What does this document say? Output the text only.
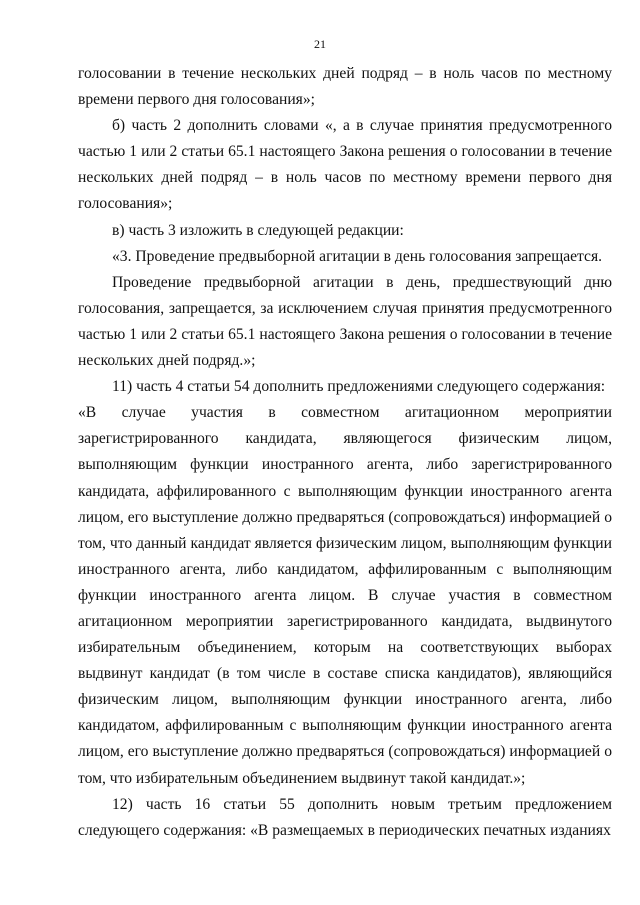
21

голосовании в течение нескольких дней подряд – в ноль часов по местному времени первого дня голосования»;

б) часть 2 дополнить словами «, а в случае принятия предусмотренного частью 1 или 2 статьи 65.1 настоящего Закона решения о голосовании в течение нескольких дней подряд – в ноль часов по местному времени первого дня голосования»;

в) часть 3 изложить в следующей редакции:

«3. Проведение предвыборной агитации в день голосования запрещается.

Проведение предвыборной агитации в день, предшествующий дню голосования, запрещается, за исключением случая принятия предусмотренного частью 1 или 2 статьи 65.1 настоящего Закона решения о голосовании в течение нескольких дней подряд.»;

11) часть 4 статьи 54 дополнить предложениями следующего содержания:

«В случае участия в совместном агитационном мероприятии зарегистрированного кандидата, являющегося физическим лицом, выполняющим функции иностранного агента, либо зарегистрированного кандидата, аффилированного с выполняющим функции иностранного агента лицом, его выступление должно предваряться (сопровождаться) информацией о том, что данный кандидат является физическим лицом, выполняющим функции иностранного агента, либо кандидатом, аффилированным с выполняющим функции иностранного агента лицом. В случае участия в совместном агитационном мероприятии зарегистрированного кандидата, выдвинутого избирательным объединением, которым на соответствующих выборах выдвинут кандидат (в том числе в составе списка кандидатов), являющийся физическим лицом, выполняющим функции иностранного агента, либо кандидатом, аффилированным с выполняющим функции иностранного агента лицом, его выступление должно предваряться (сопровождаться) информацией о том, что избирательным объединением выдвинут такой кандидат.»;

12) часть 16 статьи 55 дополнить новым третьим предложением следующего содержания: «В размещаемых в периодических печатных изданиях
